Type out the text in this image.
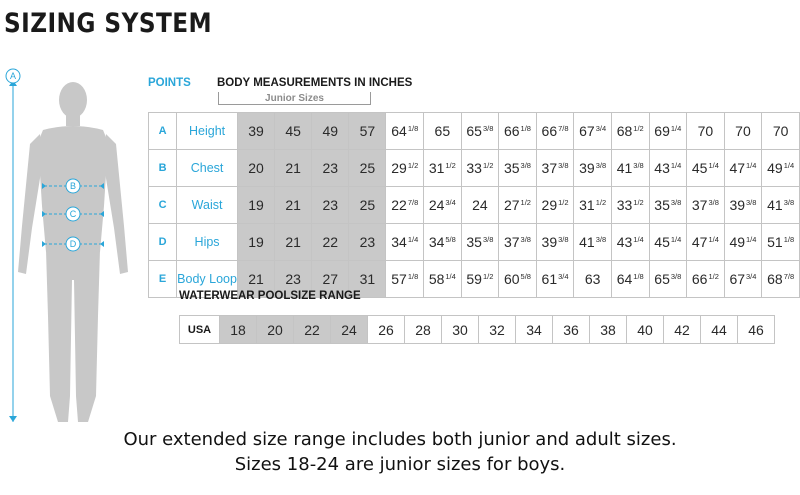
SIZING SYSTEM
A
B
C
D
POINTS BODY MEASUREMENTS IN INCHES
Junior Sizes
A	Height	39	45	49	57	$64^{1/8}$	65	$65^{3/8}$	$66^{1/8}$	$66^{7/8}$	$67^{3/4}$	$68^{1/2}$	$69^{1/4}$	70	70	70
B	Chest	20	21	23	25	$29^{1/2}$	$31^{1/2}$	$33^{1/2}$	$35^{3/8}$	$37^{3/8}$	$39^{3/8}$	$41^{3/8}$	$43^{1/4}$	$45^{1/4}$	$47^{1/4}$	$49^{1/4}$
C	Waist	19	21	23	25	$22^{7/8}$	$24^{3/4}$	24	$27^{1/2}$	$29^{1/2}$	$31^{1/2}$	$33^{1/2}$	$35^{3/8}$	$37^{3/8}$	$39^{3/8}$	$41^{3/8}$
D	Hips	19	21	22	23	$34^{1/4}$	$34^{5/8}$	$35^{3/8}$	$37^{3/8}$	$39^{3/8}$	$41^{3/8}$	$43^{1/4}$	$45^{1/4}$	$47^{1/4}$	$49^{1/4}$	$51^{1/8}$
E	Body Loop	21	23	27	31	$57^{1/8}$	$58^{1/4}$	$59^{1/2}$	$60^{5/8}$	$61^{3/4}$	63	$64^{1/8}$	$65^{3/8}$	$66^{1/2}$	$67^{3/4}$	$68^{7/8}$
WATERWEAR POOLSIZE RANGE
USA	18	20	22	24	26	28	30	32	34	36	38	40	42	44	46
Our extended size range includes both junior and adult sizes.
Sizes 18-24 are junior sizes for boys.
